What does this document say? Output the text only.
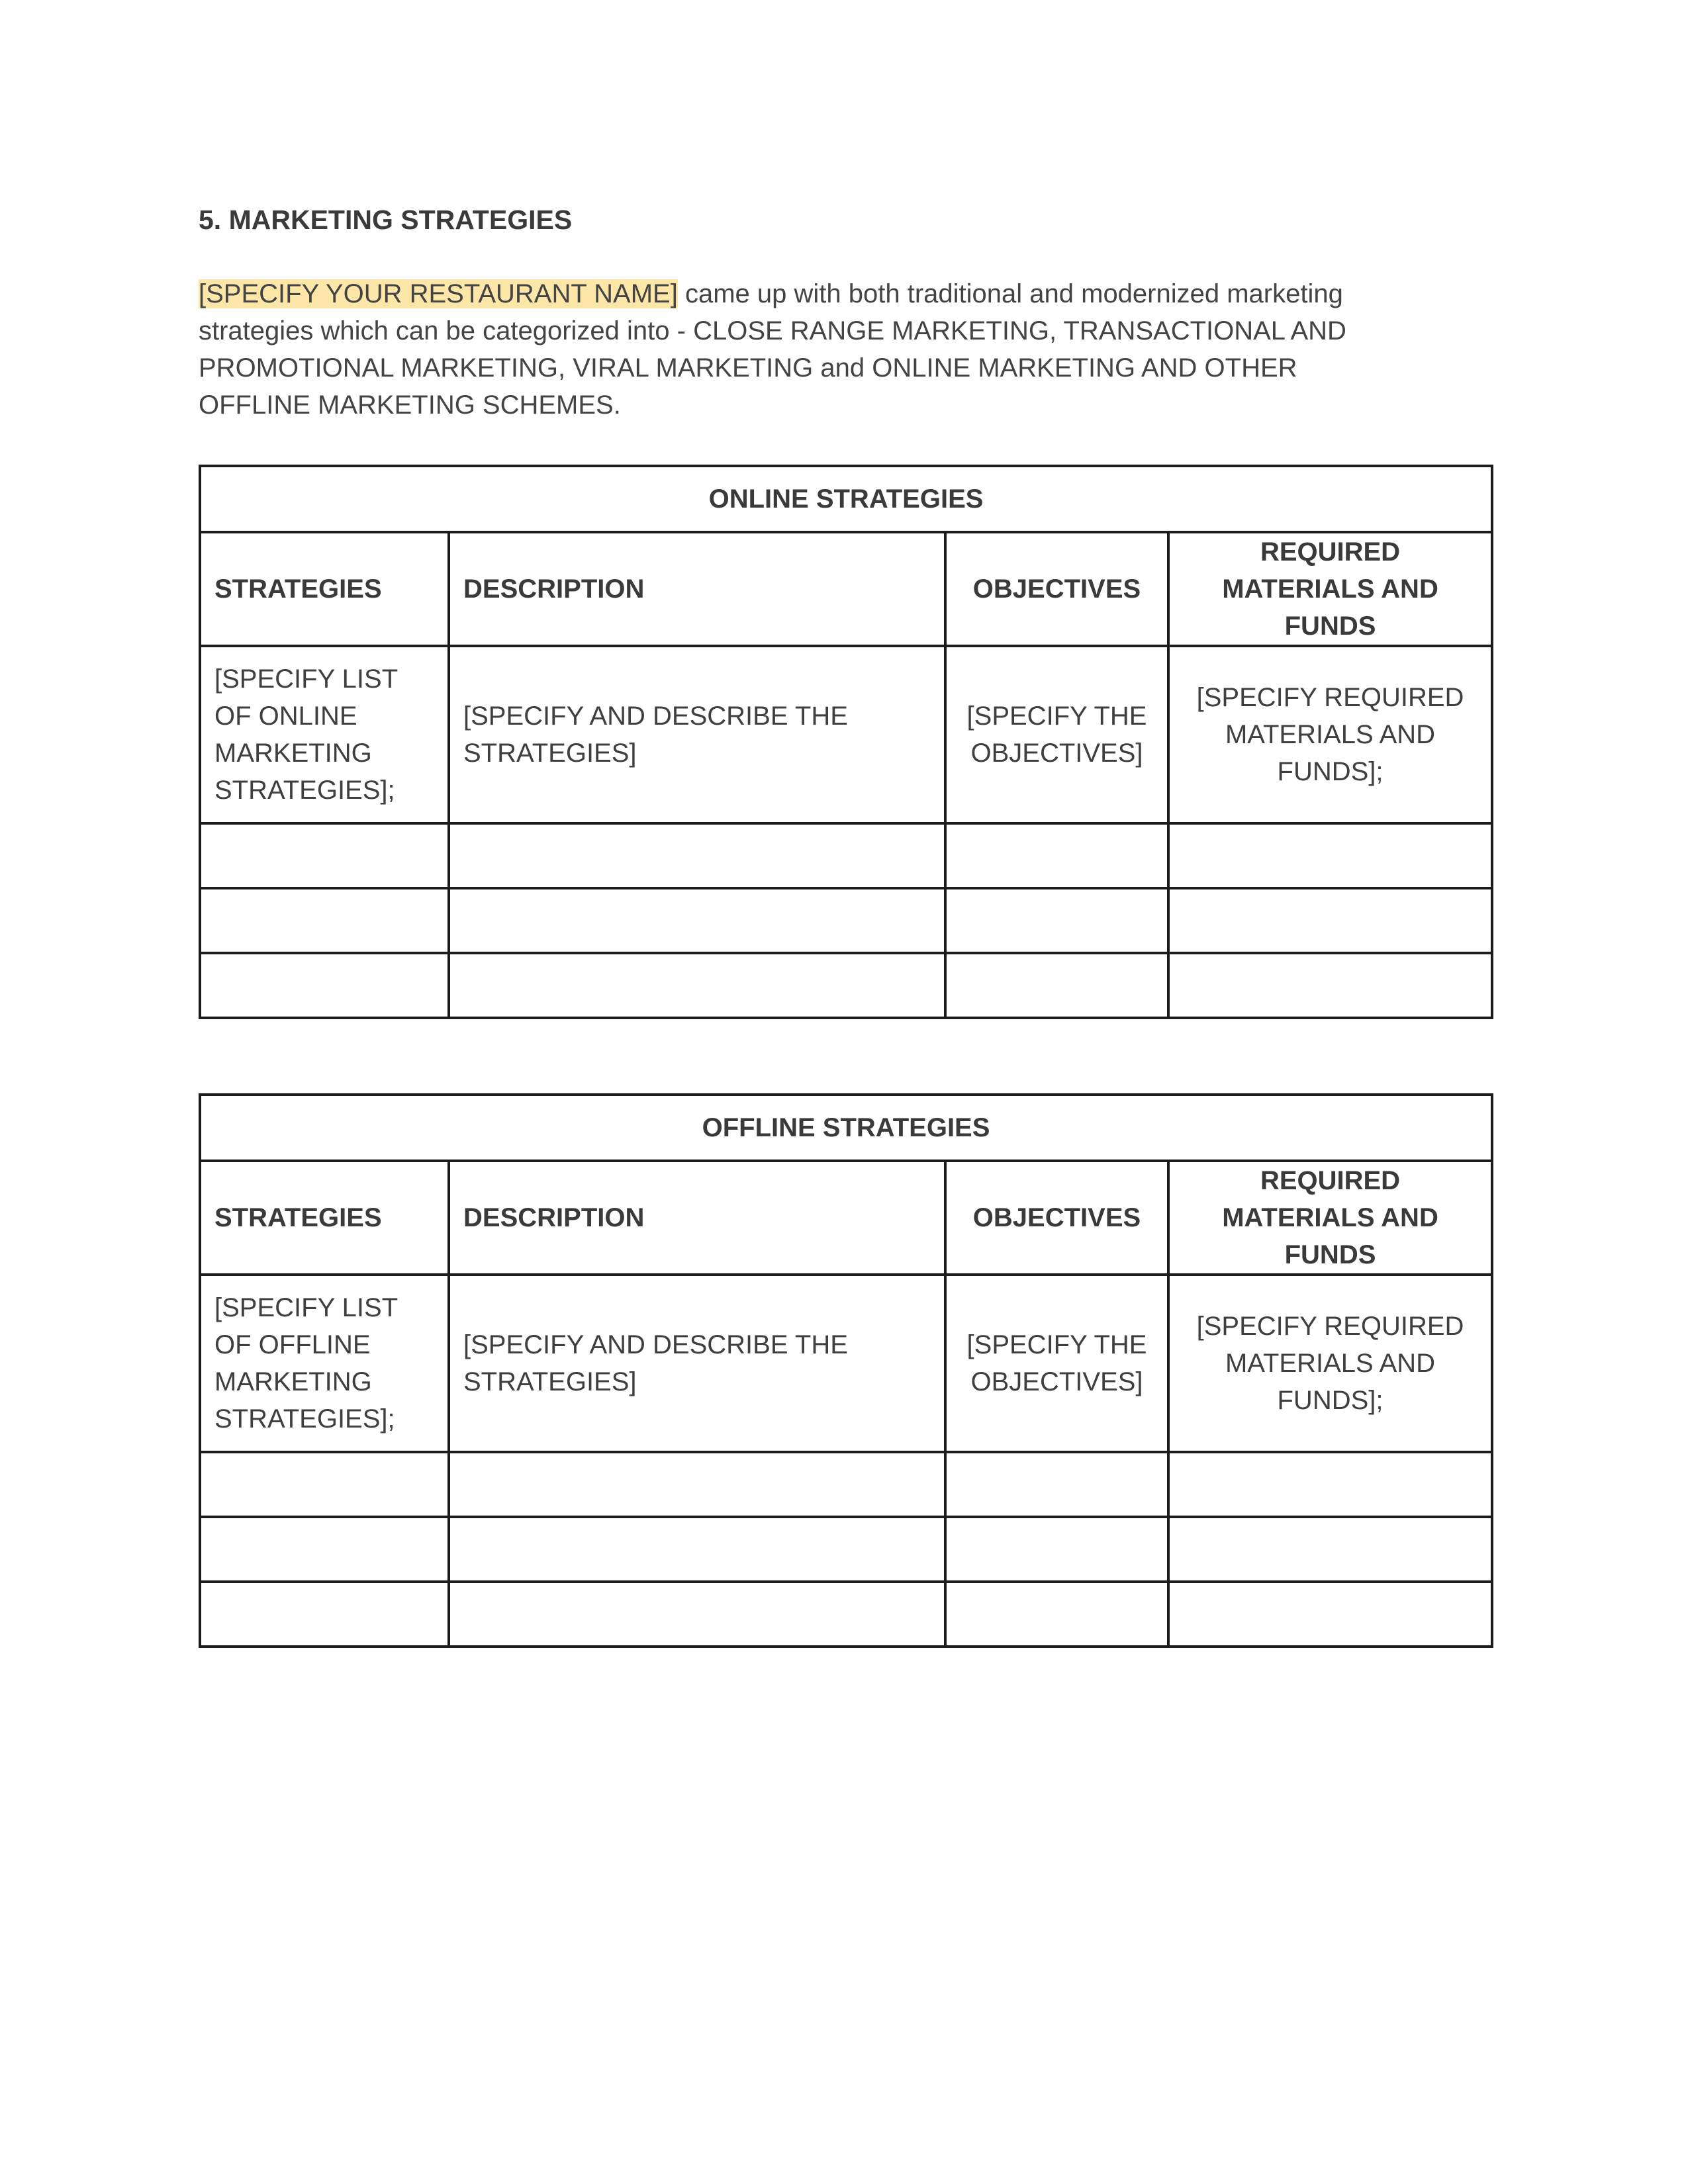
5. MARKETING STRATEGIES
[SPECIFY YOUR RESTAURANT NAME] came up with both traditional and modernized marketing strategies which can be categorized into - CLOSE RANGE MARKETING, TRANSACTIONAL AND PROMOTIONAL MARKETING, VIRAL MARKETING and ONLINE MARKETING AND OTHER OFFLINE MARKETING SCHEMES.
ONLINE STRATEGIES			
STRATEGIES	DESCRIPTION	OBJECTIVES	REQUIRED MATERIALS AND FUNDS
[SPECIFY LIST OF ONLINE MARKETING STRATEGIES];	[SPECIFY AND DESCRIBE THE STRATEGIES]	[SPECIFY THE OBJECTIVES]	[SPECIFY REQUIRED MATERIALS AND FUNDS];

OFFLINE STRATEGIES			
STRATEGIES	DESCRIPTION	OBJECTIVES	REQUIRED MATERIALS AND FUNDS
[SPECIFY LIST OF OFFLINE MARKETING STRATEGIES];	[SPECIFY AND DESCRIBE THE STRATEGIES]	[SPECIFY THE OBJECTIVES]	[SPECIFY REQUIRED MATERIALS AND FUNDS];
